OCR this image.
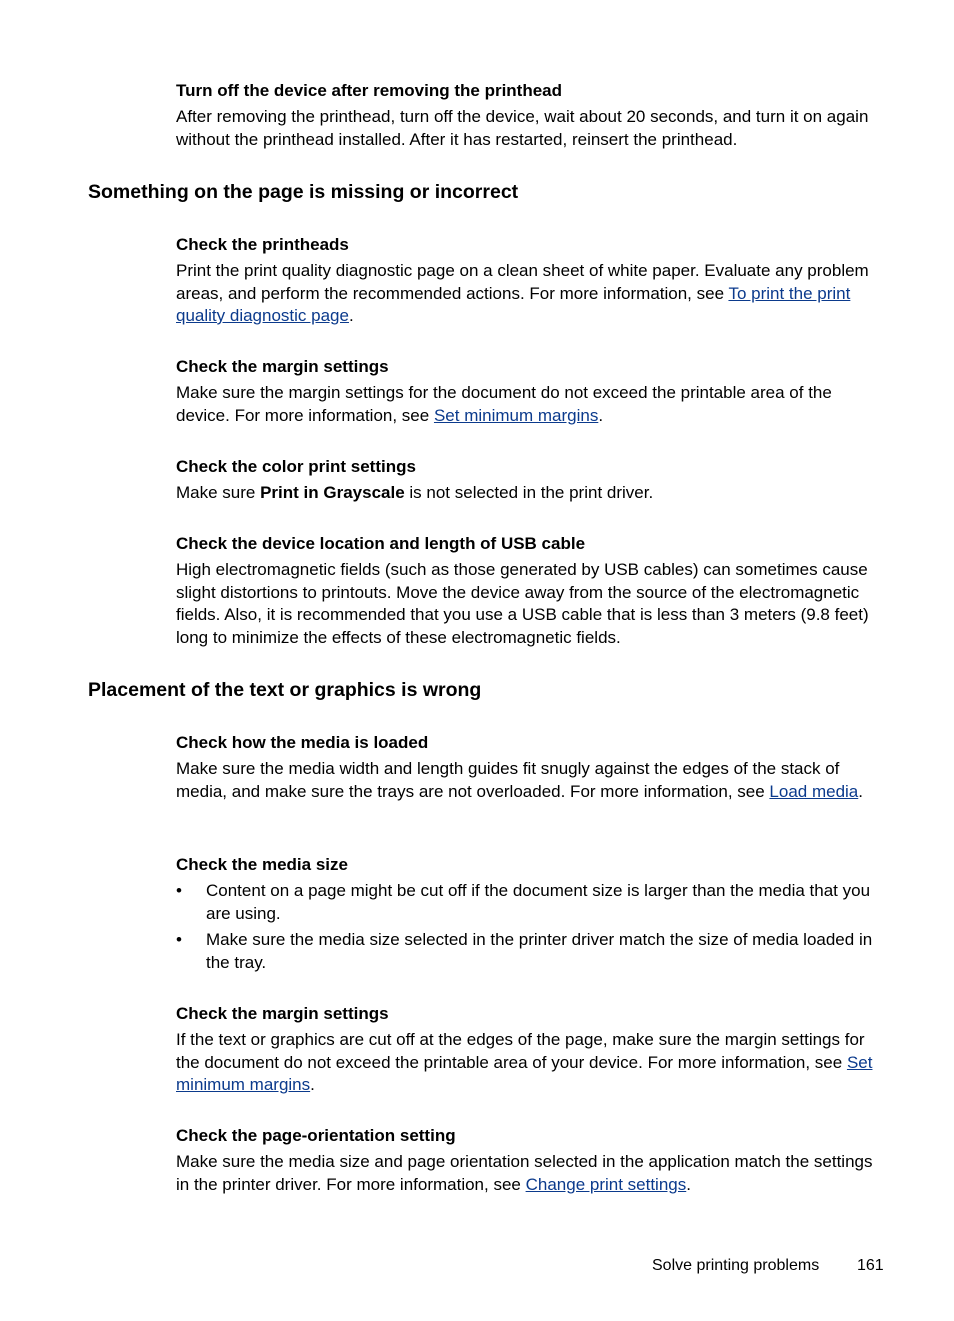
Turn off the device after removing the printhead

After removing the printhead, turn off the device, wait about 20 seconds, and turn it on again without the printhead installed. After it has restarted, reinsert the printhead.

Something on the page is missing or incorrect
Check the printheads

Print the print quality diagnostic page on a clean sheet of white paper. Evaluate any problem areas, and perform the recommended actions. For more information, see To print the print quality diagnostic page.

Check the margin settings

Make sure the margin settings for the document do not exceed the printable area of the device. For more information, see Set minimum margins.

Check the color print settings

Make sure Print in Grayscale is not selected in the print driver.

Check the device location and length of USB cable

High electromagnetic fields (such as those generated by USB cables) can sometimes cause slight distortions to printouts. Move the device away from the source of the electromagnetic fields. Also, it is recommended that you use a USB cable that is less than 3 meters (9.8 feet) long to minimize the effects of these electromagnetic fields.

Placement of the text or graphics is wrong
Check how the media is loaded

Make sure the media width and length guides fit snugly against the edges of the stack of media, and make sure the trays are not overloaded. For more information, see Load media.

Check the media size
• Content on a page might be cut off if the document size is larger than the media that you are using.
• Make sure the media size selected in the printer driver match the size of media loaded in the tray.
Check the margin settings

If the text or graphics are cut off at the edges of the page, make sure the margin settings for the document do not exceed the printable area of your device. For more information, see Set minimum margins.

Check the page-orientation setting

Make sure the media size and page orientation selected in the application match the settings in the printer driver. For more information, see Change print settings.

Solve printing problems 161
